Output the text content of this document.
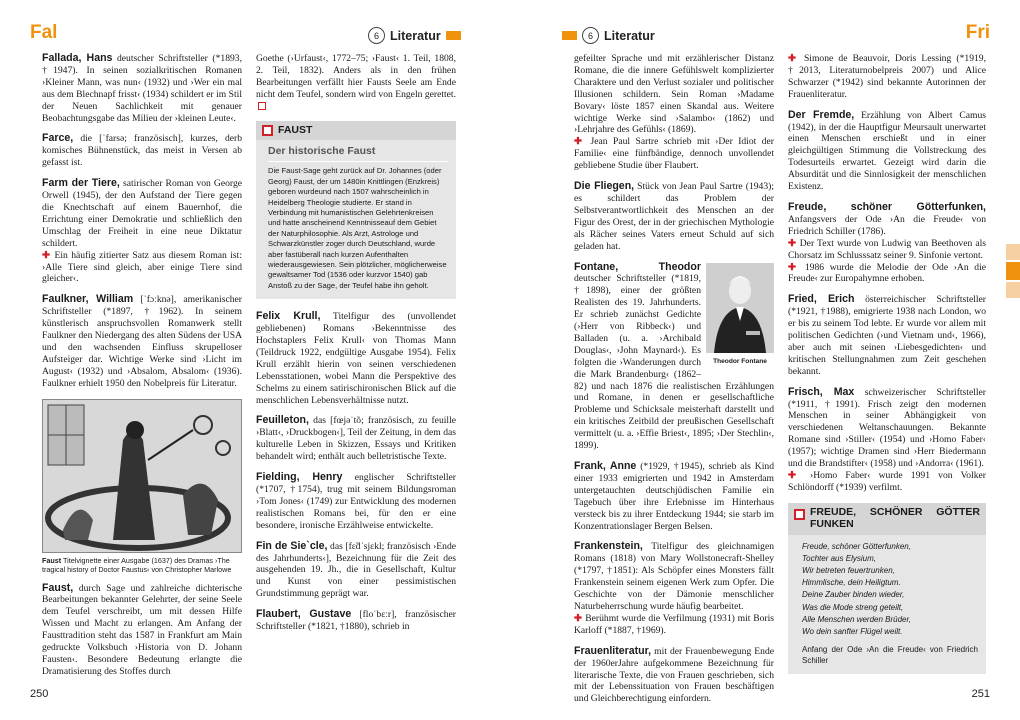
Fal	6 Literatur

Fallada, Hans deutscher Schriftsteller (*1893, †1947). In seinen sozialkritischen Romanen ›Kleiner Mann, was nun‹ (1932) und ›Wer ein mal aus dem Blechnapf frisst‹ (1934) schildert er im Stil der Neuen Sachlichkeit mit genauer Beobachtungsgabe das Milieu der ›kleinen Leute‹.

Farce, die [ˈfarsə; französisch], kurzes, derb komisches Bühnenstück, das meist in Versen ab gefasst ist.

Farm der Tiere, satirischer Roman von George Orwell (1945), der den Aufstand der Tiere gegen die Knechtschaft auf einem Bauernhof, die Errichtung einer Demokratie und schließlich den Umschlag der Freiheit in eine neue Diktatur schildert.
✚ Ein häufig zitierter Satz aus diesem Roman ist: ›Alle Tiere sind gleich, aber einige Tiere sind gleicher‹.

Faulkner, William [ˈfɔːknə], amerikanischer Schriftsteller (*1897, †1962). In seinem künstlerisch anspruchsvollen Romanwerk stellt Faulkner den Niedergang des alten Südens der USA und den wachsenden Einfluss skrupelloser Aufsteiger dar. Wichtige Werke sind ›Licht im August‹ (1932) und ›Absalom, Absalom‹ (1936). Faulkner erhielt 1950 den Nobelpreis für Literatur.

Faust Titelvignette einer Ausgabe (1637) des Dramas ›The tragical history of Doctor Faustus‹ von Christopher Marlowe

Faust, durch Sage und zahlreiche dichterische Bearbeitungen bekannter Gelehrter, der seine Seele dem Teufel verschreibt, um mit dessen Hilfe Wissen und Macht zu erlangen. Am Anfang der Fausttradition steht das 1587 in Frankfurt am Main gedruckte Volksbuch ›Historia von D. Johann Fausten‹. Besondere Bedeutung erlangte die Dramatisierung des Stoffes durch

Goethe (›Urfaust‹, 1772–75; ›Faust‹ 1. Teil, 1808, 2. Teil, 1832). Anders als in den frühen Bearbeitungen verfällt hier Fausts Seele am Ende nicht dem Teufel, sondern wird von Engeln gerettet.

FAUST
Der historische Faust
Die Faust-Sage geht zurück auf Dr. Johannes (oder Georg) Faust, der um 1480in Knittlingen (Enzkreis) geboren wurdeund nach 1507 wahrscheinlich in Heidelberg Theologie studierte. Er stand in Verbindung mit humanistischen Gelehrtenkreisen und hatte anscheinend Kenntnisseauf dem Gebiet der Naturphilosophie. Als Arzt, Astrologe und Schwarzkünstler zoger durch Deutschland, wurde aber fastüberall nach kurzen Aufenthalten wiederausgewiesen. Sein plötzlicher, möglicherweise gewaltsamer Tod (1536 oder kurzvor 1540) gab Anstoß zu der Sage, der Teufel habe ihn geholt.

Felix Krull, Titelfigur des (unvollendet gebliebenen) Romans ›Bekenntnisse des Hochstaplers Felix Krull‹ von Thomas Mann (Teildruck 1922, endgültige Ausgabe 1954). Felix Krull erzählt hierin von seinen verschiedenen Lebensstationen, wobei Mann die Perspektive des Schelms zu einem satirischironischen Blick auf die menschlichen Lebensverhältnisse nutzt.

Feuilleton, das [fœjəˈtõ; französisch, zu feuille ›Blatt‹, ›Druckbogen‹], Teil der Zeitung, in dem das kulturelle Leben in Skizzen, Essays und Kritiken behandelt wird; enthält auch belletristische Texte.

Fielding, Henry englischer Schriftsteller (*1707, †1754), trug mit seinem Bildungsroman ›Tom Jones‹ (1749) zur Entwicklung des modernen realistischen Romans bei, für den er eine besondere, ironische Erzählweise entwickelte.

Fin de Sie`cle, das [fɛ̃dˈsjɛkl; französisch ›Ende des Jahrhunderts‹], Bezeichnung für die Zeit des ausgehenden 19. Jh., die in Gesellschaft, Kultur und Kunst von einer pessimistischen Grundstimmung geprägt war.

Flaubert, Gustave [floˈbɛːr], französischer Schriftsteller (*1821, †1880), schrieb in

250
6 Literatur	Fri

gefeilter Sprache und mit erzählerischer Distanz Romane, die die innere Gefühlswelt komplizierter Charaktere und den Verlust sozialer und politischer Illusionen schildern. Sein Roman ›Madame Bovary‹ löste 1857 einen Skandal aus. Weitere wichtige Werke sind ›Salambo‹ (1862) und ›Lehrjahre des Gefühls‹ (1869).
✚ Jean Paul Sartre schrieb mit ›Der Idiot der Familie‹ eine fünfbändige, dennoch unvollendet gebliebene Studie über Flaubert.

Die Fliegen, Stück von Jean Paul Sartre (1943); es schildert das Problem der Selbstverantwortlichkeit des Menschen an der Figur des Orest, der in der griechischen Mythologie als Rächer seines Vaters erneut Schuld auf sich geladen hat.

Theodor Fontane
Fontane, Theodor deutscher Schriftsteller (*1819, †1898), einer der größten Realisten des 19. Jahrhunderts. Er schrieb zunächst Gedichte (›Herr von Ribbeck‹) und Balladen (u. a. ›Archibald Douglas‹, ›John Maynard‹). Es folgten die ›Wanderungen durch die Mark Brandenburg‹ (1862–82) und nach 1876 die realistischen Erzählungen und Romane, in denen er gesellschaftliche Probleme und Schicksale meisterhaft darstellt und ein kritisches Zeitbild der preußischen Gesellschaft vermittelt (u. a. ›Effie Briest‹, 1895; ›Der Stechlin‹, 1899).

Frank, Anne (*1929, †1945), schrieb als Kind einer 1933 emigrierten und 1942 in Amsterdam untergetauchten deutschjüdischen Familie ein Tagebuch über ihre Erlebnisse im Hinterhaus versteck bis zu ihrer Entdeckung 1944; sie starb im Konzentrationslager Bergen Belsen.

Frankenstein, Titelfigur des gleichnamigen Romans (1818) von Mary Wollstonecraft-Shelley (*1797, †1851): Als Schöpfer eines Monsters fällt Frankenstein seinem eigenen Werk zum Opfer. Die Geschichte von der Dämonie menschlicher Naturbeherrschung wurde häufig bearbeitet.
✚ Berühmt wurde die Verfilmung (1931) mit Boris Karloff (*1887, †1969).

Frauenliteratur, mit der Frauenbewegung Ende der 1960erJahre aufgekommene Bezeichnung für literarische Texte, die von Frauen geschrieben, sich mit der Lebenssituation von Frauen beschäftigen und Gleichberechtigung einfordern.

✚ Simone de Beauvoir, Doris Lessing (*1919, †2013, Literaturnobelpreis 2007) und Alice Schwarzer (*1942) sind bekannte Autorinnen der Frauenliteratur.

Der Fremde, Erzählung von Albert Camus (1942), in der die Hauptfigur Meursault unerwartet einen Menschen erschießt und in einer gleichgültigen Stimmung die Vollstreckung des Todesurteils erwartet. Gezeigt wird darin die Absurdität und die Sinnlosigkeit der menschlichen Existenz.

Freude, schöner Götterfunken, Anfangsvers der Ode ›An die Freude‹ von Friedrich Schiller (1786).
✚ Der Text wurde von Ludwig van Beethoven als Chorsatz im Schlusssatz seiner 9. Sinfonie vertont.
✚ 1986 wurde die Melodie der Ode ›An die Freude‹ zur Europahymne erhoben.

Fried, Erich österreichischer Schriftsteller (*1921, †1988), emigrierte 1938 nach London, wo er bis zu seinem Tod lebte. Er wurde vor allem mit politischen Gedichten (›und Vietnam und‹, 1966), aber auch mit seinen ›Liebesgedichten‹ und kritischen Stellungnahmen zum Zeit geschehen bekannt.

Frisch, Max schweizerischer Schriftsteller (*1911, †1991). Frisch zeigt den modernen Menschen in seiner Abhängigkeit von verschiedenen Weltanschauungen. Bekannte Romane sind ›Stiller‹ (1954) und ›Homo Faber‹ (1957); wichtige Dramen sind ›Herr Biedermann und die Brandstifter‹ (1958) und ›Andorra‹ (1961).
✚ ›Homo Faber‹ wurde 1991 von Volker Schlöndorff (*1939) verfilmt.

FREUDE, SCHÖNER GÖTTER FUNKEN
Freude, schöner Götterfunken,
Tochter aus Elysium,
Wir betreten feuertrunken,
Himmlische, dein Heiligtum.
Deine Zauber binden wieder,
Was die Mode streng geteilt,
Alle Menschen werden Brüder,
Wo dein sanfter Flügel weilt.
Anfang der Ode ›An die Freude‹ von Friedrich Schiller
251
